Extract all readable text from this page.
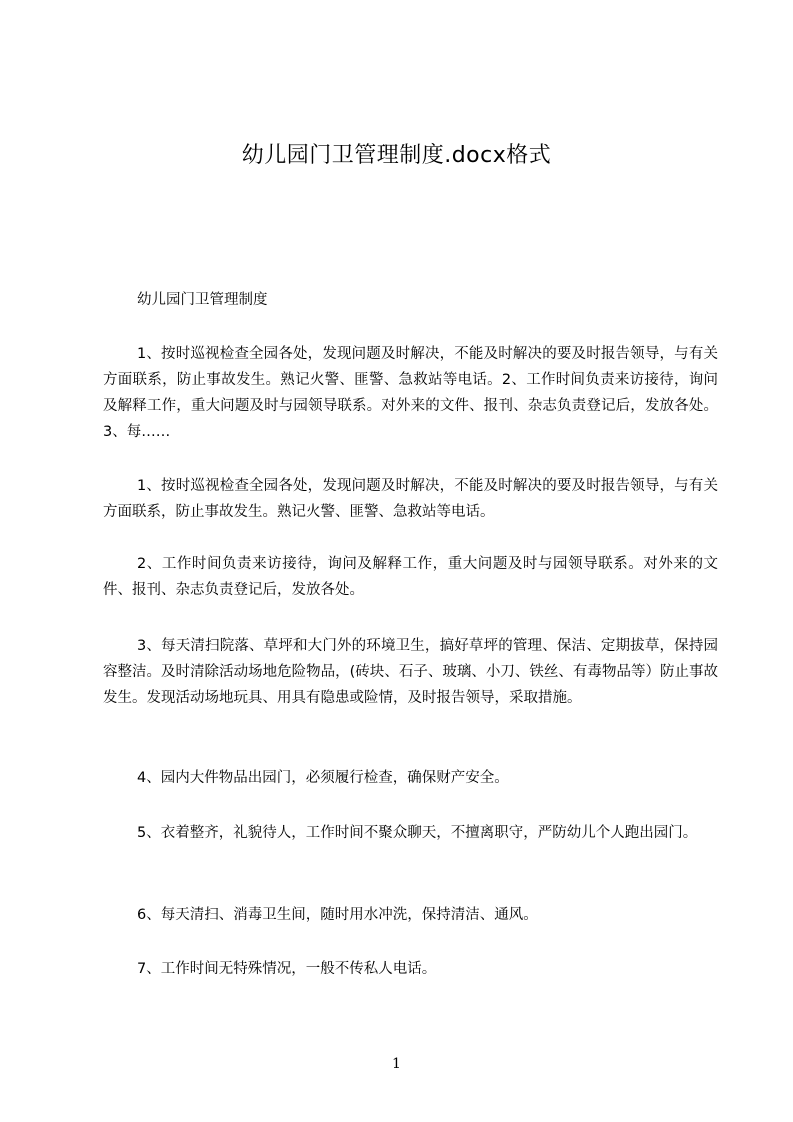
幼儿园门卫管理制度.docx格式
幼儿园门卫管理制度
1、按时巡视检查全园各处，发现问题及时解决，不能及时解决的要及时报告领导，与有关方面联系，防止事故发生。熟记火警、匪警、急救站等电话。2、工作时间负责来访接待，询问及解释工作，重大问题及时与园领导联系。对外来的文件、报刊、杂志负责登记后，发放各处。3、每……
1、按时巡视检查全园各处，发现问题及时解决，不能及时解决的要及时报告领导，与有关方面联系，防止事故发生。熟记火警、匪警、急救站等电话。
2、工作时间负责来访接待，询问及解释工作，重大问题及时与园领导联系。对外来的文件、报刊、杂志负责登记后，发放各处。
3、每天清扫院落、草坪和大门外的环境卫生，搞好草坪的管理、保洁、定期拔草，保持园容整洁。及时清除活动场地危险物品，(砖块、石子、玻璃、小刀、铁丝、有毒物品等）防止事故发生。发现活动场地玩具、用具有隐患或险情，及时报告领导，采取措施。
4、园内大件物品出园门，必须履行检查，确保财产安全。
5、衣着整齐，礼貌待人，工作时间不聚众聊天，不擅离职守，严防幼儿个人跑出园门。
6、每天清扫、消毒卫生间，随时用水冲洗，保持清洁、通风。
7、工作时间无特殊情况，一般不传私人电话。
1
